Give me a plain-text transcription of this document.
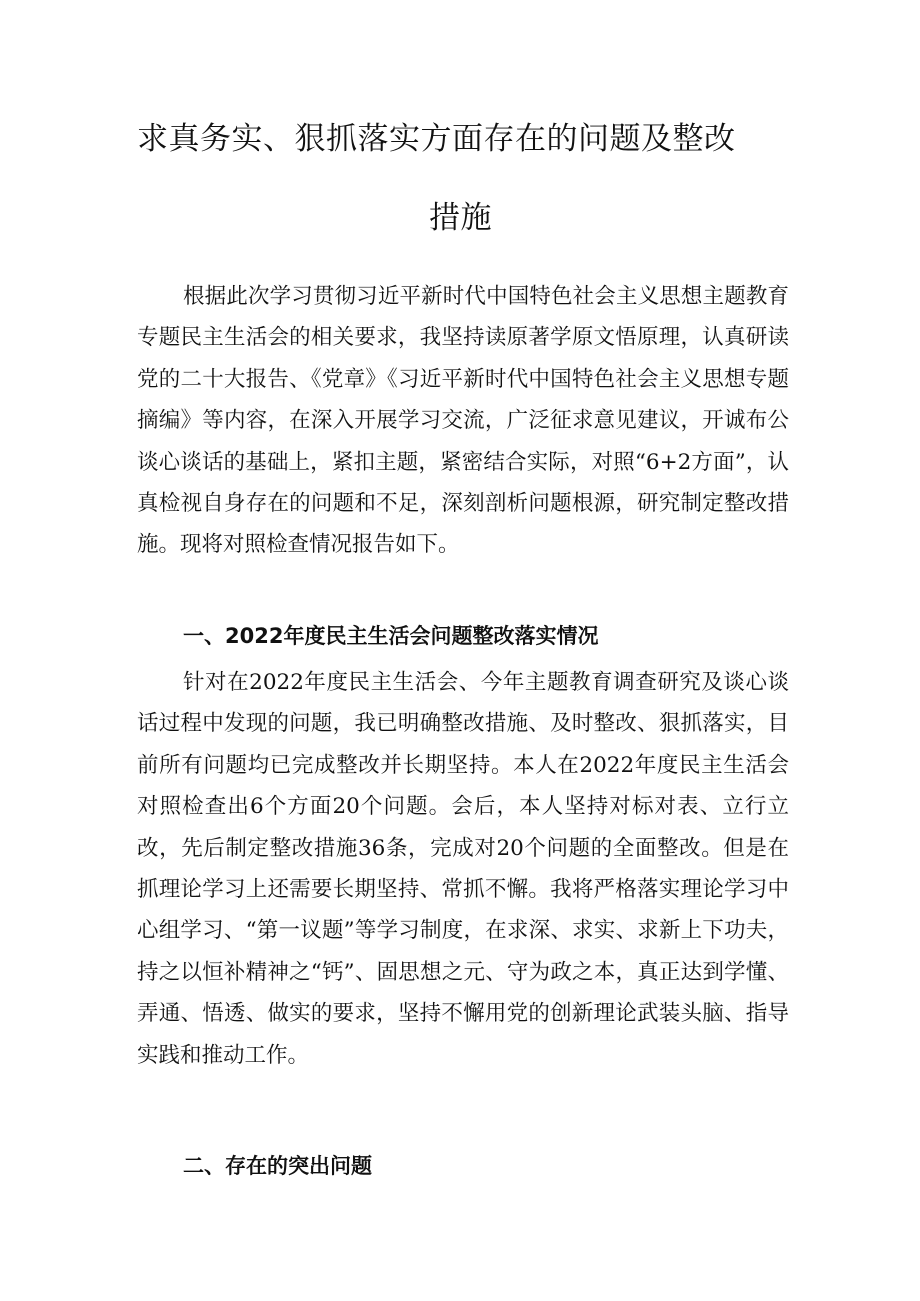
求真务实、狠抓落实方面存在的问题及整改
措施

根据此次学习贯彻习近平新时代中国特色社会主义思想主题教育专题民主生活会的相关要求，我坚持读原著学原文悟原理，认真研读党的二十大报告、《党章》《习近平新时代中国特色社会主义思想专题摘编》等内容，在深入开展学习交流，广泛征求意见建议，开诚布公谈心谈话的基础上，紧扣主题，紧密结合实际，对照“6+2方面”，认真检视自身存在的问题和不足，深刻剖析问题根源，研究制定整改措施。现将对照检查情况报告如下。

一、2022年度民主生活会问题整改落实情况

针对在2022年度民主生活会、今年主题教育调查研究及谈心谈话过程中发现的问题，我已明确整改措施、及时整改、狠抓落实，目前所有问题均已完成整改并长期坚持。本人在2022年度民主生活会对照检查出6个方面20个问题。会后，本人坚持对标对表、立行立改，先后制定整改措施36条，完成对20个问题的全面整改。但是在抓理论学习上还需要长期坚持、常抓不懈。我将严格落实理论学习中心组学习、“第一议题”等学习制度，在求深、求实、求新上下功夫，持之以恒补精神之“钙”、固思想之元、守为政之本，真正达到学懂、弄通、悟透、做实的要求，坚持不懈用党的创新理论武装头脑、指导实践和推动工作。

二、存在的突出问题
